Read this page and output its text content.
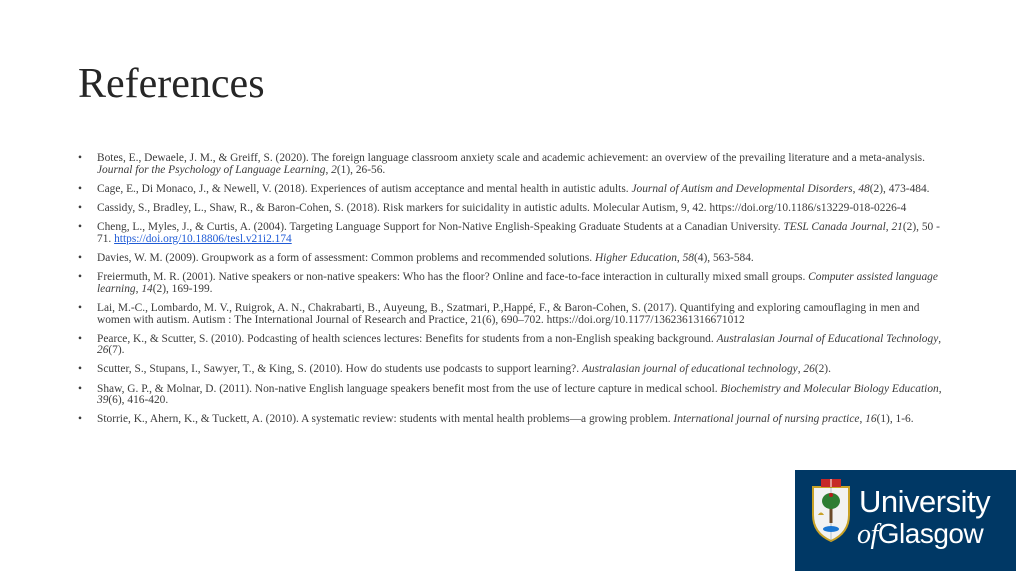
References
• Botes, E., Dewaele, J. M., & Greiff, S. (2020). The foreign language classroom anxiety scale and academic achievement: an overview of the prevailing literature and a meta-analysis. Journal for the Psychology of Language Learning, 2(1), 26-56.
• Cage, E., Di Monaco, J., & Newell, V. (2018). Experiences of autism acceptance and mental health in autistic adults. Journal of Autism and Developmental Disorders, 48(2), 473-484.
• Cassidy, S., Bradley, L., Shaw, R., & Baron-Cohen, S. (2018). Risk markers for suicidality in autistic adults. Molecular Autism, 9, 42. https://doi.org/10.1186/s13229-018-0226-4
• Cheng, L., Myles, J., & Curtis, A. (2004). Targeting Language Support for Non-Native English-Speaking Graduate Students at a Canadian University. TESL Canada Journal, 21(2), 50 - 71. https://doi.org/10.18806/tesl.v21i2.174
• Davies, W. M. (2009). Groupwork as a form of assessment: Common problems and recommended solutions. Higher Education, 58(4), 563-584.
• Freiermuth, M. R. (2001). Native speakers or non-native speakers: Who has the floor? Online and face-to-face interaction in culturally mixed small groups. Computer assisted language learning, 14(2), 169-199.
• Lai, M.-C., Lombardo, M. V., Ruigrok, A. N., Chakrabarti, B., Auyeung, B., Szatmari, P.,Happé, F., & Baron-Cohen, S. (2017). Quantifying and exploring camouflaging in men and women with autism. Autism : The International Journal of Research and Practice, 21(6), 690–702. https://doi.org/10.1177/1362361316671012
• Pearce, K., & Scutter, S. (2010). Podcasting of health sciences lectures: Benefits for students from a non-English speaking background. Australasian Journal of Educational Technology, 26(7).
• Scutter, S., Stupans, I., Sawyer, T., & King, S. (2010). How do students use podcasts to support learning?. Australasian journal of educational technology, 26(2).
• Shaw, G. P., & Molnar, D. (2011). Non-native English language speakers benefit most from the use of lecture capture in medical school. Biochemistry and Molecular Biology Education, 39(6), 416-420.
• Storrie, K., Ahern, K., & Tuckett, A. (2010). A systematic review: students with mental health problems—a growing problem. International journal of nursing practice, 16(1), 1-6.
University
ofGlasgow
